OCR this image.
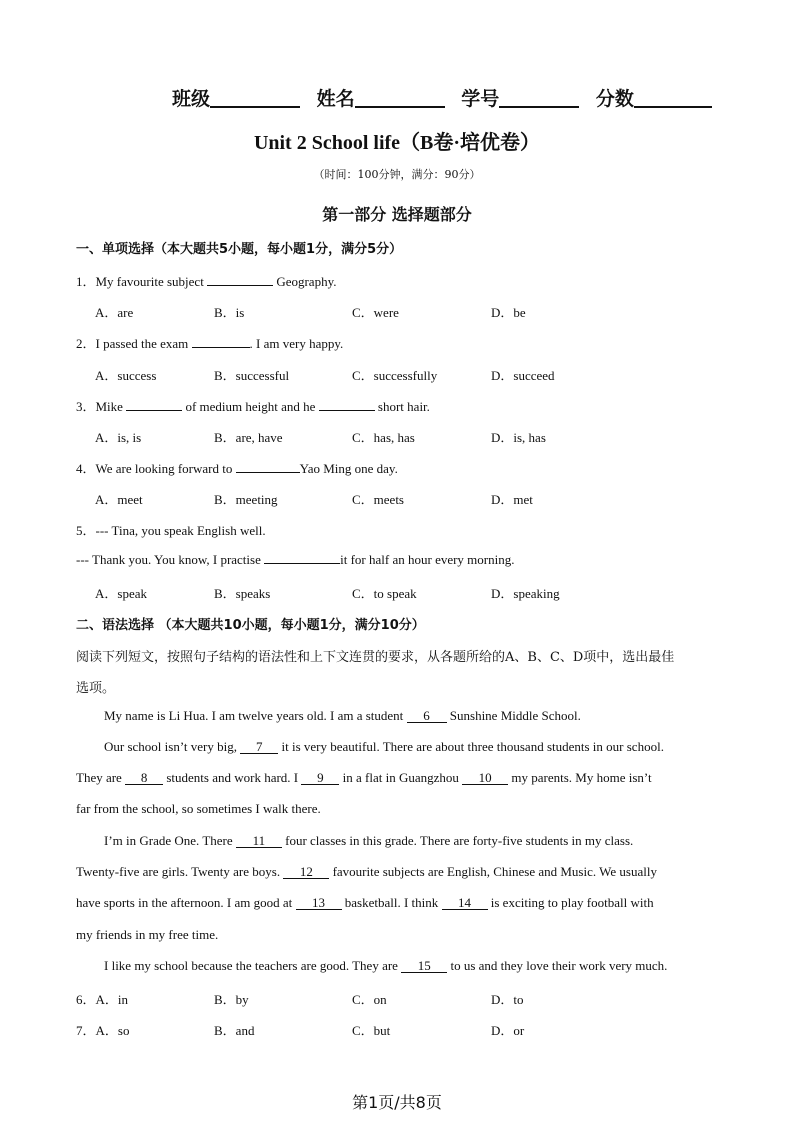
班级	姓名	学号	分数
Unit 2 School life（B卷·培优卷）
（时间：100分钟，满分：90分）
第一部分 选择题部分
一、单项选择（本大题共5小题，每小题1分，满分5分）
1．My favourite subject	Geography.
A．are	B．is	C．were	D．be
2．I passed the exam	. I am very happy.
A．success	B．successful	C．successfully	D．succeed
3．Mike	of medium height and he	short hair.
A．is, is	B．are, have	C．has, has	D．is, has
4．We are looking forward to	Yao Ming one day.
A．meet	B．meeting	C．meets	D．met
5．--- Tina, you speak English well.
--- Thank you. You know, I practise	it for half an hour every morning.
A．speak	B．speaks	C．to speak	D．speaking
二、语法选择 （本大题共10小题，每小题1分，满分10分）
阅读下列短文，按照句子结构的语法性和上下文连贯的要求，从各题所给的A、B、C、D项中，选出最佳
选项。
My name is Li Hua. I am twelve years old. I am a student 6 Sunshine Middle School.
Our school isn’t very big, 7 it is very beautiful. There are about three thousand students in our school.
They are 8 students and work hard. I 9 in a flat in Guangzhou 10 my parents. My home isn’t
far from the school, so sometimes I walk there.
I’m in Grade One. There 11 four classes in this grade. There are forty-five students in my class.
Twenty-five are girls. Twenty are boys. 12 favourite subjects are English, Chinese and Music. We usually
have sports in the afternoon. I am good at 13 basketball. I think 14 is exciting to play football with
my friends in my free time.
I like my school because the teachers are good. They are 15 to us and they love their work very much.
6．A．in	B．by	C．on	D．to
7．A．so	B．and	C．but	D．or
第1页/共8页
